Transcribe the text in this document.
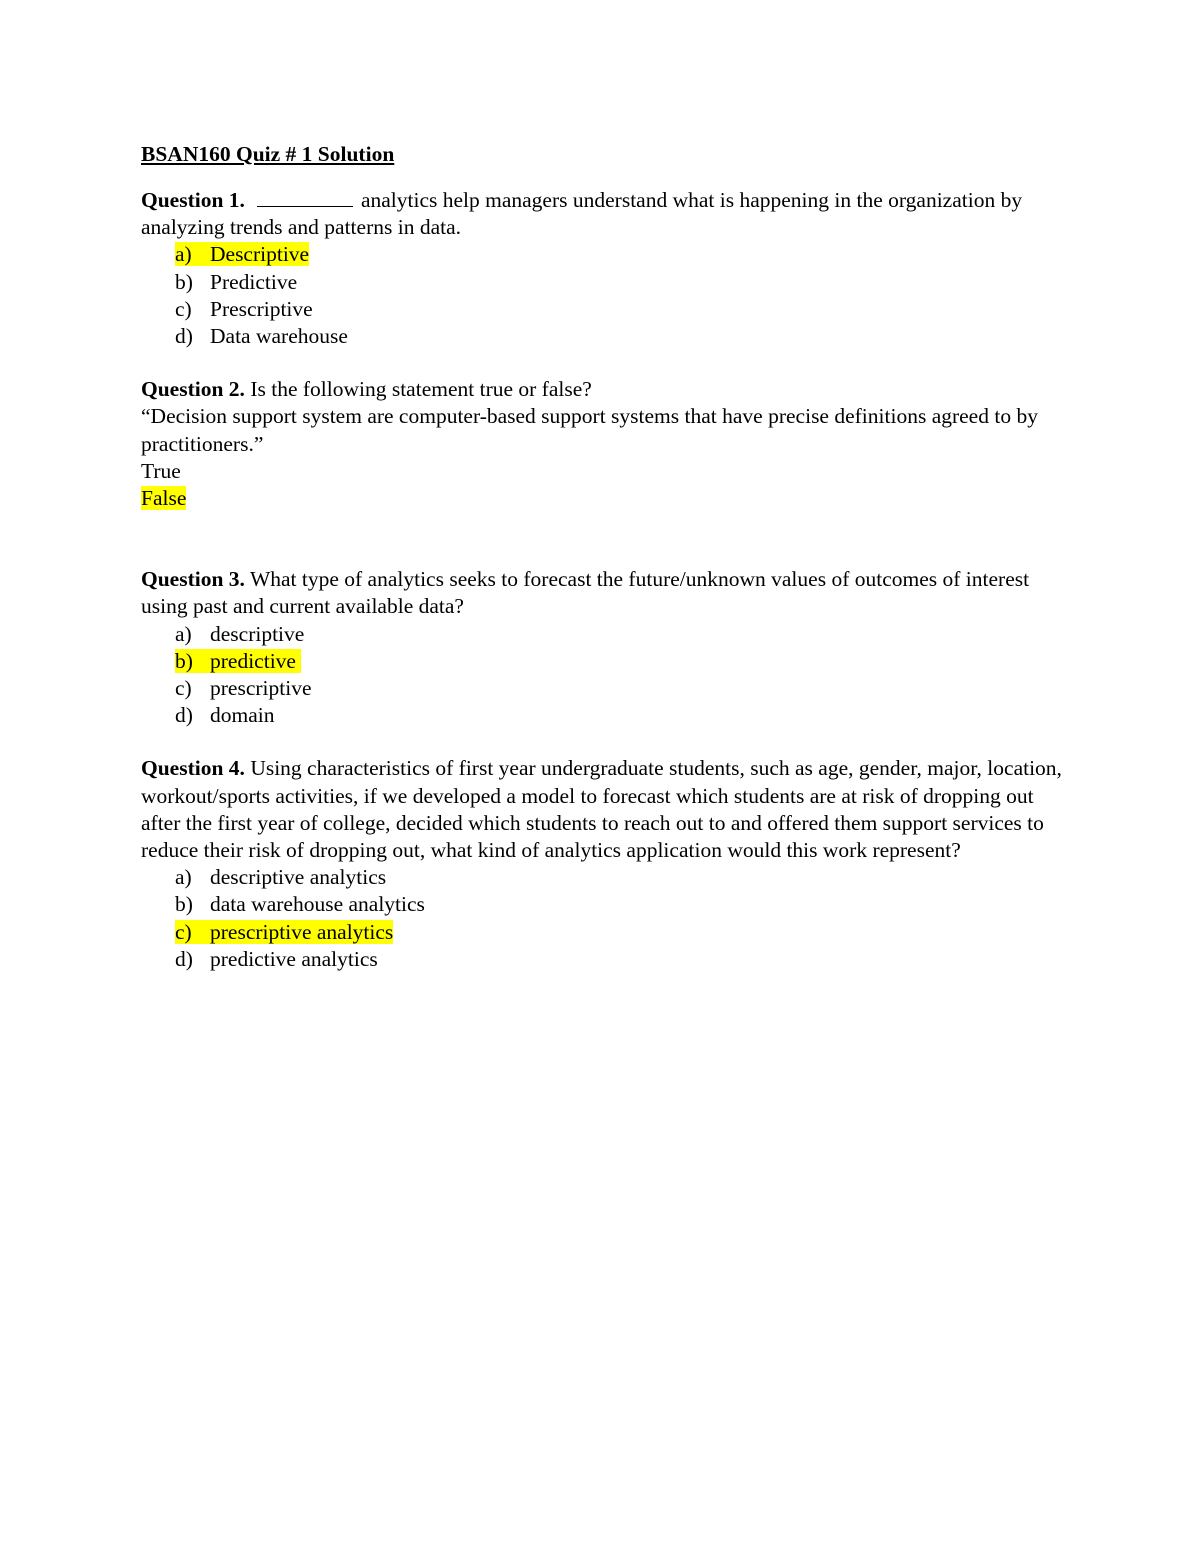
BSAN160 Quiz # 1 Solution

Question 1.	analytics help managers understand what is happening in the organization by analyzing trends and patterns in data.

a) Descriptive
b) Predictive
c) Prescriptive
d) Data warehouse

Question 2. Is the following statement true or false?

“Decision support system are computer-based support systems that have precise definitions agreed to by practitioners.”

True

False

Question 3. What type of analytics seeks to forecast the future/unknown values of outcomes of interest using past and current available data?

a) descriptive
b) predictive
c) prescriptive
d) domain

Question 4. Using characteristics of first year undergraduate students, such as age, gender, major, location, workout/sports activities, if we developed a model to forecast which students are at risk of dropping out after the first year of college, decided which students to reach out to and offered them support services to reduce their risk of dropping out, what kind of analytics application would this work represent?

a) descriptive analytics
b) data warehouse analytics
c) prescriptive analytics
d) predictive analytics
